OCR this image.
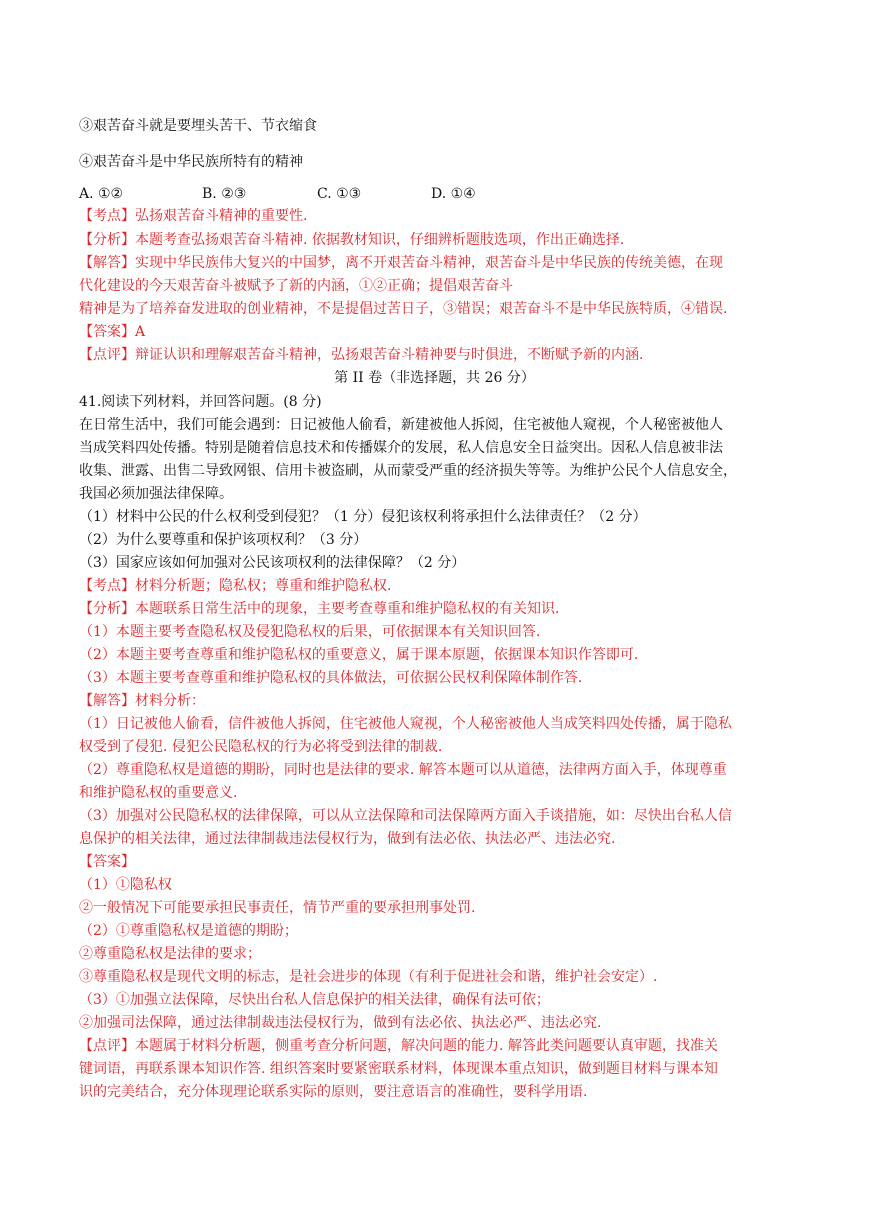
③艰苦奋斗就是要埋头苦干、节衣缩食
④艰苦奋斗是中华民族所特有的精神
A. ①②	B. ②③	C. ①③	D. ①④
【考点】弘扬艰苦奋斗精神的重要性.
【分析】本题考查弘扬艰苦奋斗精神. 依据教材知识，仔细辨析题肢选项，作出正确选择.
【解答】实现中华民族伟大复兴的中国梦，离不开艰苦奋斗精神，艰苦奋斗是中华民族的传统美德，在现
代化建设的今天艰苦奋斗被赋予了新的内涵，①②正确；提倡艰苦奋斗
精神是为了培养奋发进取的创业精神，不是提倡过苦日子，③错误；艰苦奋斗不是中华民族特质，④错误.
【答案】A
【点评】辩证认识和理解艰苦奋斗精神，弘扬艰苦奋斗精神要与时俱进，不断赋予新的内涵.
第 II 卷（非选择题，共 26 分）
41.阅读下列材料，并回答问题。(8 分)
在日常生活中，我们可能会遇到：日记被他人偷看，新建被他人拆阅，住宅被他人窥视，个人秘密被他人
当成笑料四处传播。特别是随着信息技术和传播媒介的发展，私人信息安全日益突出。因私人信息被非法
收集、泄露、出售二导致网银、信用卡被盗刷，从而蒙受严重的经济损失等等。为维护公民个人信息安全，
我国必须加强法律保障。
（1）材料中公民的什么权利受到侵犯？（1 分）侵犯该权利将承担什么法律责任？（2 分）
（2）为什么要尊重和保护该项权利？（3 分）
（3）国家应该如何加强对公民该项权利的法律保障？（2 分）
【考点】材料分析题；隐私权；尊重和维护隐私权.
【分析】本题联系日常生活中的现象，主要考查尊重和维护隐私权的有关知识.
（1）本题主要考查隐私权及侵犯隐私权的后果，可依据课本有关知识回答.
（2）本题主要考查尊重和维护隐私权的重要意义，属于课本原题，依据课本知识作答即可.
（3）本题主要考查尊重和维护隐私权的具体做法，可依据公民权利保障体制作答.
【解答】材料分析：
（1）日记被他人偷看，信件被他人拆阅，住宅被他人窥视，个人秘密被他人当成笑料四处传播，属于隐私
权受到了侵犯. 侵犯公民隐私权的行为必将受到法律的制裁.
（2）尊重隐私权是道德的期盼，同时也是法律的要求. 解答本题可以从道德，法律两方面入手，体现尊重
和维护隐私权的重要意义.
（3）加强对公民隐私权的法律保障，可以从立法保障和司法保障两方面入手谈措施，如：尽快出台私人信
息保护的相关法律，通过法律制裁违法侵权行为，做到有法必依、执法必严、违法必究.
【答案】
（1）①隐私权
②一般情况下可能要承担民事责任，情节严重的要承担刑事处罚.
（2）①尊重隐私权是道德的期盼；
②尊重隐私权是法律的要求；
③尊重隐私权是现代文明的标志，是社会进步的体现（有利于促进社会和谐，维护社会安定）.
（3）①加强立法保障，尽快出台私人信息保护的相关法律，确保有法可依；
②加强司法保障，通过法律制裁违法侵权行为，做到有法必依、执法必严、违法必究.
【点评】本题属于材料分析题，侧重考查分析问题，解决问题的能力. 解答此类问题要认真审题，找准关
键词语，再联系课本知识作答. 组织答案时要紧密联系材料，体现课本重点知识，做到题目材料与课本知
识的完美结合，充分体现理论联系实际的原则，要注意语言的准确性，要科学用语.
